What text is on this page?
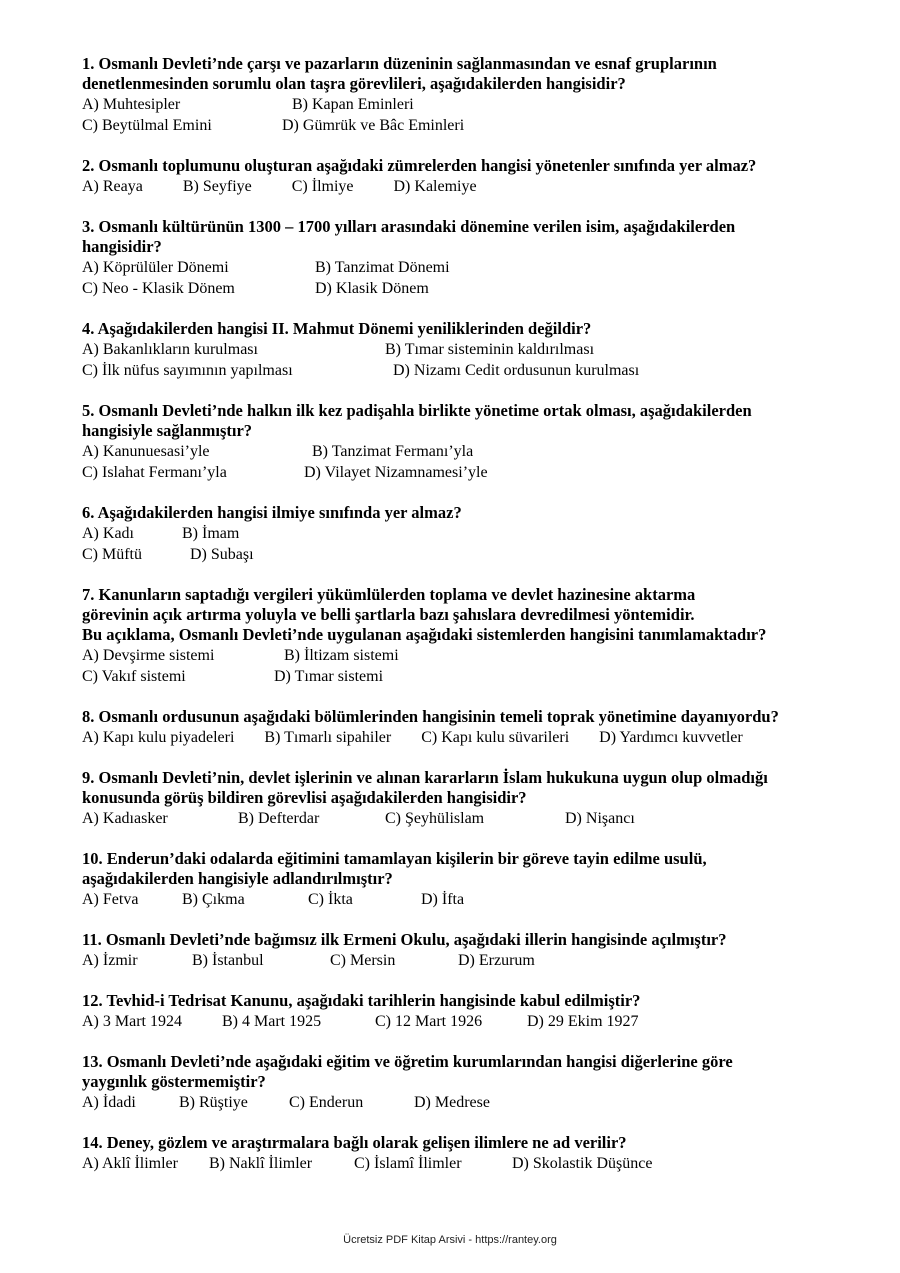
1. Osmanlı Devleti’nde çarşı ve pazarların düzeninin sağlanmasından ve esnaf gruplarının
denetlenmesinden sorumlu olan taşra görevlileri, aşağıdakilerden hangisidir?

A) Muhtesipler	B) Kapan Eminleri
C) Beytülmal Emini	D) Gümrük ve Bâc Eminleri

2. Osmanlı toplumunu oluşturan aşağıdaki zümrelerden hangisi yönetenler sınıfında yer almaz?

A) Reaya	B) Seyfiye	C) İlmiye	D) Kalemiye

3. Osmanlı kültürünün 1300 – 1700 yılları arasındaki dönemine verilen isim, aşağıdakilerden
hangisidir?

A) Köprülüler Dönemi	B) Tanzimat Dönemi
C) Neo - Klasik Dönem	D) Klasik Dönem

4. Aşağıdakilerden hangisi II. Mahmut Dönemi yeniliklerinden değildir?

A) Bakanlıkların kurulması	B) Tımar sisteminin kaldırılması
C) İlk nüfus sayımının yapılması	D) Nizamı Cedit ordusunun kurulması

5. Osmanlı Devleti’nde halkın ilk kez padişahla birlikte yönetime ortak olması, aşağıdakilerden
hangisiyle sağlanmıştır?

A) Kanunuesasi’yle	B) Tanzimat Fermanı’yla
C) Islahat Fermanı’yla	D) Vilayet Nizamnamesi’yle

6. Aşağıdakilerden hangisi ilmiye sınıfında yer almaz?

A) Kadı	B) İmam
C) Müftü	D) Subaşı

7. Kanunların saptadığı vergileri yükümlülerden toplama ve devlet hazinesine aktarma
görevinin açık artırma yoluyla ve belli şartlarla bazı şahıslara devredilmesi yöntemidir.
Bu açıklama, Osmanlı Devleti’nde uygulanan aşağıdaki sistemlerden hangisini tanımlamaktadır?

A) Devşirme sistemi	B) İltizam sistemi
C) Vakıf sistemi	D) Tımar sistemi

8. Osmanlı ordusunun aşağıdaki bölümlerinden hangisinin temeli toprak yönetimine dayanıyordu?

A) Kapı kulu piyadeleri B) Tımarlı sipahiler C) Kapı kulu süvarileri D) Yardımcı kuvvetler

9. Osmanlı Devleti’nin, devlet işlerinin ve alınan kararların İslam hukukuna uygun olup olmadığı
konusunda görüş bildiren görevlisi aşağıdakilerden hangisidir?

A) Kadıasker	B) Defterdar	C) Şeyhülislam	D) Nişancı

10. Enderun’daki odalarda eğitimini tamamlayan kişilerin bir göreve tayin edilme usulü,
aşağıdakilerden hangisiyle adlandırılmıştır?

A) Fetva	B) Çıkma	C) İkta	D) İfta

11. Osmanlı Devleti’nde bağımsız ilk Ermeni Okulu, aşağıdaki illerin hangisinde açılmıştır?

A) İzmir	B) İstanbul	C) Mersin	D) Erzurum

12. Tevhid-i Tedrisat Kanunu, aşağıdaki tarihlerin hangisinde kabul edilmiştir?

A) 3 Mart 1924	B) 4 Mart 1925	C) 12 Mart 1926	D) 29 Ekim 1927

13. Osmanlı Devleti’nde aşağıdaki eğitim ve öğretim kurumlarından hangisi diğerlerine göre
yaygınlık göstermemiştir?

A) İdadi	B) Rüştiye	C) Enderun	D) Medrese

14. Deney, gözlem ve araştırmalara bağlı olarak gelişen ilimlere ne ad verilir?

A) Aklî İlimler	B) Naklî İlimler	C) İslamî İlimler	D) Skolastik Düşünce
Ücretsiz PDF Kitap Arsivi - https://rantey.org
